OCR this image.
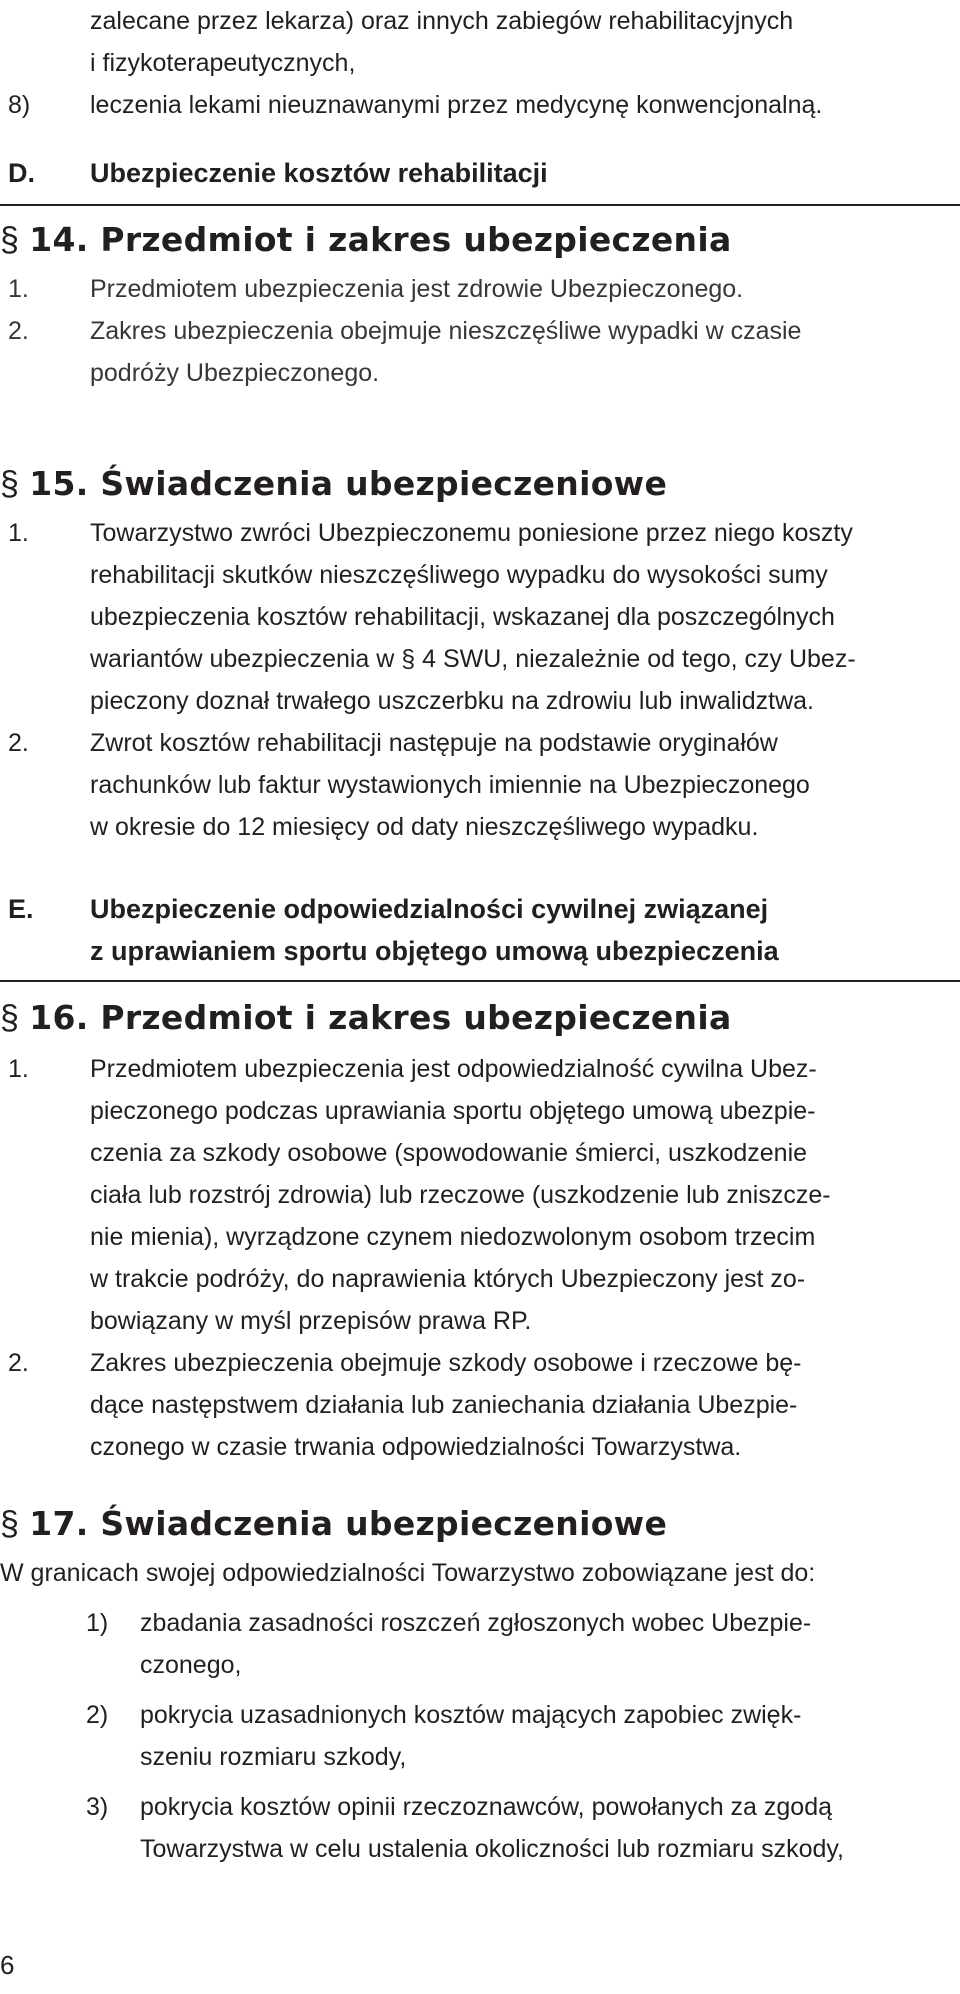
zalecane przez lekarza) oraz innych zabiegów rehabilitacyjnych
i fizykoterapeutycznych,
8)	leczenia lekami nieuznawanymi przez medycynę konwencjonalną.
D. Ubezpieczenie kosztów rehabilitacji
§ 14. Przedmiot i zakres ubezpieczenia
1.	Przedmiotem ubezpieczenia jest zdrowie Ubezpieczonego.
2.	Zakres ubezpieczenia obejmuje nieszczęśliwe wypadki w czasie
podróży Ubezpieczonego.
§ 15. Świadczenia ubezpieczeniowe
1.	Towarzystwo zwróci Ubezpieczonemu poniesione przez niego koszty
rehabilitacji skutków nieszczęśliwego wypadku do wysokości sumy
ubezpieczenia kosztów rehabilitacji, wskazanej dla poszczególnych
wariantów ubezpieczenia w § 4 SWU, niezależnie od tego, czy Ubez-
pieczony doznał trwałego uszczerbku na zdrowiu lub inwalidztwa.
2.	Zwrot kosztów rehabilitacji następuje na podstawie oryginałów
rachunków lub faktur wystawionych imiennie na Ubezpieczonego
w okresie do 12 miesięcy od daty nieszczęśliwego wypadku.
E. Ubezpieczenie odpowiedzialności cywilnej związanej
z uprawianiem sportu objętego umową ubezpieczenia
§ 16. Przedmiot i zakres ubezpieczenia
1.	Przedmiotem ubezpieczenia jest odpowiedzialność cywilna Ubez-
pieczonego podczas uprawiania sportu objętego umową ubezpie-
czenia za szkody osobowe (spowodowanie śmierci, uszkodzenie
ciała lub rozstrój zdrowia) lub rzeczowe (uszkodzenie lub zniszcze-
nie mienia), wyrządzone czynem niedozwolonym osobom trzecim
w trakcie podróży, do naprawienia których Ubezpieczony jest zo-
bowiązany w myśl przepisów prawa RP.
2.	Zakres ubezpieczenia obejmuje szkody osobowe i rzeczowe bę-
dące następstwem działania lub zaniechania działania Ubezpie-
czonego w czasie trwania odpowiedzialności Towarzystwa.
§ 17. Świadczenia ubezpieczeniowe
W granicach swojej odpowiedzialności Towarzystwo zobowiązane jest do:
1)	zbadania zasadności roszczeń zgłoszonych wobec Ubezpie-
czonego,
2)	pokrycia uzasadnionych kosztów mających zapobiec zwięk-
szeniu rozmiaru szkody,
3)	pokrycia kosztów opinii rzeczoznawców, powołanych za zgodą
Towarzystwa w celu ustalenia okoliczności lub rozmiaru szkody,
6
